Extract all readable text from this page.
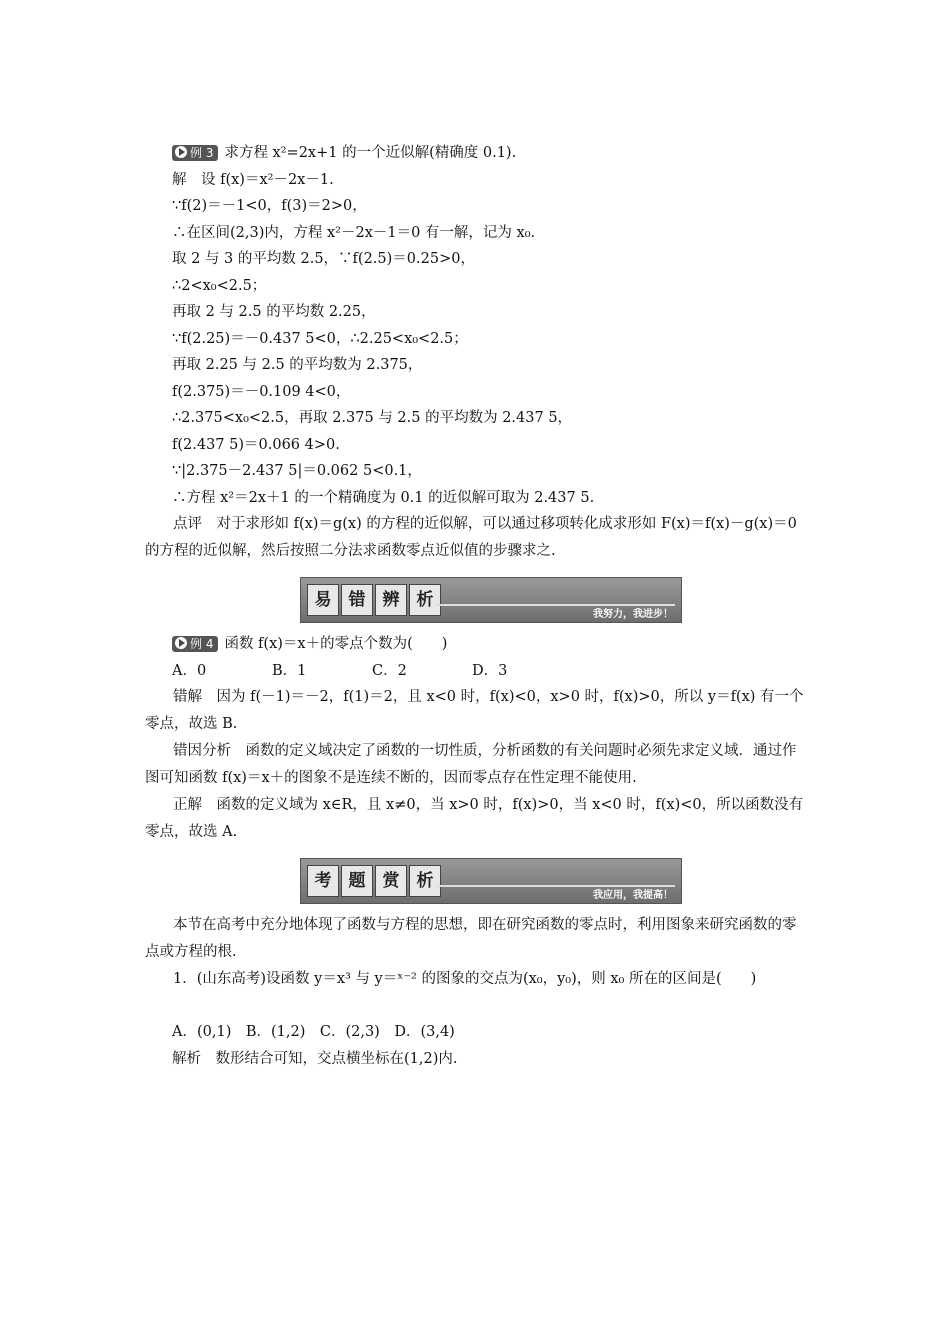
例 3 求方程 x²=2x+1 的一个近似解(精确度 0.1).
解　设 f(x)＝x²－2x－1.
∵f(2)＝－1<0，f(3)＝2>0，
∴在区间(2,3)内，方程 x²－2x－1＝0 有一解，记为 x₀.
取 2 与 3 的平均数 2.5，∵f(2.5)＝0.25>0，
∴2<x₀<2.5；
再取 2 与 2.5 的平均数 2.25，
∵f(2.25)＝－0.437 5<0，∴2.25<x₀<2.5；
再取 2.25 与 2.5 的平均数为 2.375，
f(2.375)＝－0.109 4<0，
∴2.375<x₀<2.5，再取 2.375 与 2.5 的平均数为 2.437 5，
f(2.437 5)＝0.066 4>0.
∵|2.375－2.437 5|＝0.062 5<0.1，
∴方程 x²＝2x＋1 的一个精确度为 0.1 的近似解可取为 2.437 5.
点评　对于求形如 f(x)＝g(x) 的方程的近似解，可以通过移项转化成求形如 F(x)＝f(x)－g(x)＝0 的方程的近似解，然后按照二分法求函数零点近似值的步骤求之.
易	错	辨	析
我努力，我进步！
例 4 函数 f(x)＝x＋的零点个数为(　　)
A．0	B．1	C．2	D．3
错解　因为 f(－1)＝－2，f(1)＝2，且 x<0 时，f(x)<0，x>0 时，f(x)>0，所以 y＝f(x) 有一个零点，故选 B.
错因分析　函数的定义域决定了函数的一切性质，分析函数的有关问题时必须先求定义域．通过作图可知函数 f(x)＝x＋的图象不是连续不断的，因而零点存在性定理不能使用.
正解　函数的定义域为 x∈R，且 x≠0，当 x>0 时，f(x)>0，当 x<0 时，f(x)<0，所以函数没有零点，故选 A.
考	题	赏	析
我应用，我提高！
本节在高考中充分地体现了函数与方程的思想，即在研究函数的零点时，利用图象来研究函数的零点或方程的根.
1．(山东高考)设函数 y＝x³ 与 y＝ˣ⁻² 的图象的交点为(x₀，y₀)，则 x₀ 所在的区间是(　　)
A．(0,1)　B．(1,2)　C．(2,3)　D．(3,4)
解析　数形结合可知，交点横坐标在(1,2)内.
